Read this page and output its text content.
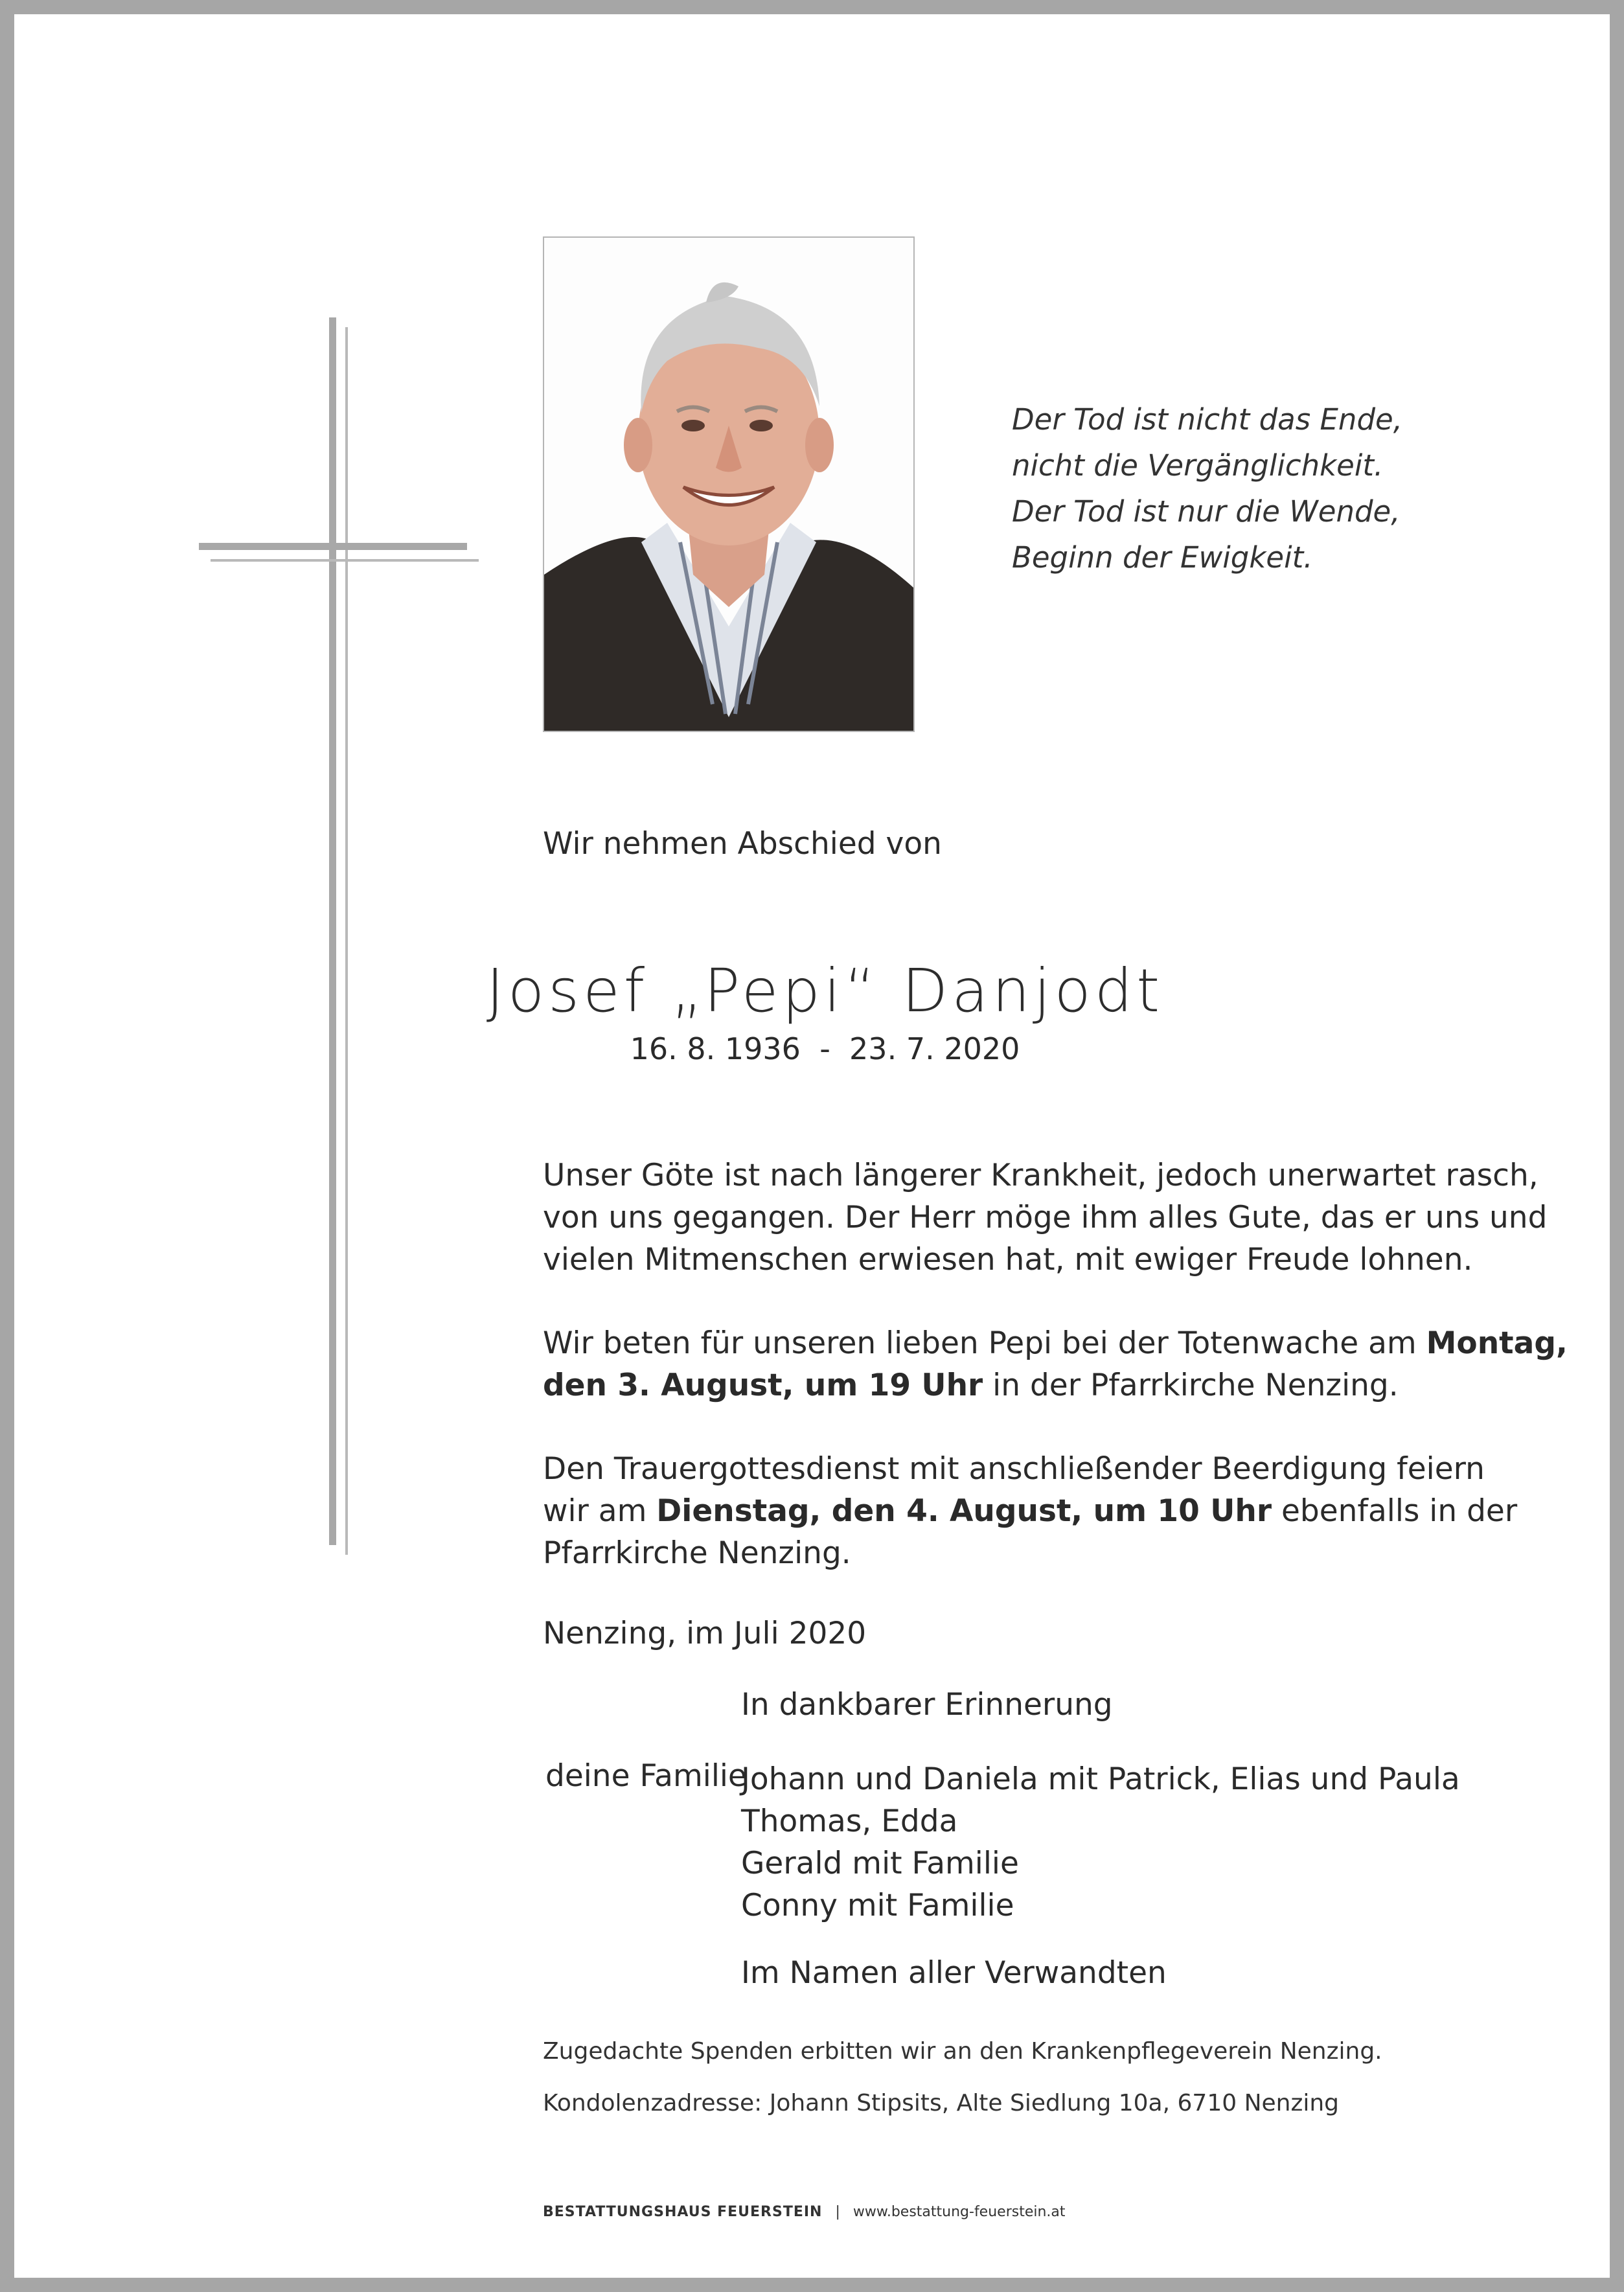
Der Tod ist nicht das Ende,
nicht die Vergänglichkeit.
Der Tod ist nur die Wende,
Beginn der Ewigkeit.
Wir nehmen Abschied von
Josef „Pepi“ Danjodt
16. 8. 1936  -  23. 7. 2020
Unser Göte ist nach längerer Krankheit, jedoch unerwartet rasch,
von uns gegangen. Der Herr möge ihm alles Gute, das er uns und
vielen Mitmenschen erwiesen hat, mit ewiger Freude lohnen.
Wir beten für unseren lieben Pepi bei der Totenwache am Montag,
den 3. August, um 19 Uhr in der Pfarrkirche Nenzing.
Den Trauergottesdienst mit anschließender Beerdigung feiern
wir am Dienstag, den 4. August, um 10 Uhr ebenfalls in der
Pfarrkirche Nenzing.
Nenzing, im Juli 2020
In dankbarer Erinnerung
deine Familie
Johann und Daniela mit Patrick, Elias und Paula
Thomas, Edda
Gerald mit Familie
Conny mit Familie
Im Namen aller Verwandten
Zugedachte Spenden erbitten wir an den Krankenpflegeverein Nenzing.
Kondolenzadresse: Johann Stipsits, Alte Siedlung 10a, 6710 Nenzing
BESTATTUNGSHAUS FEUERSTEIN | www.bestattung-feuerstein.at
